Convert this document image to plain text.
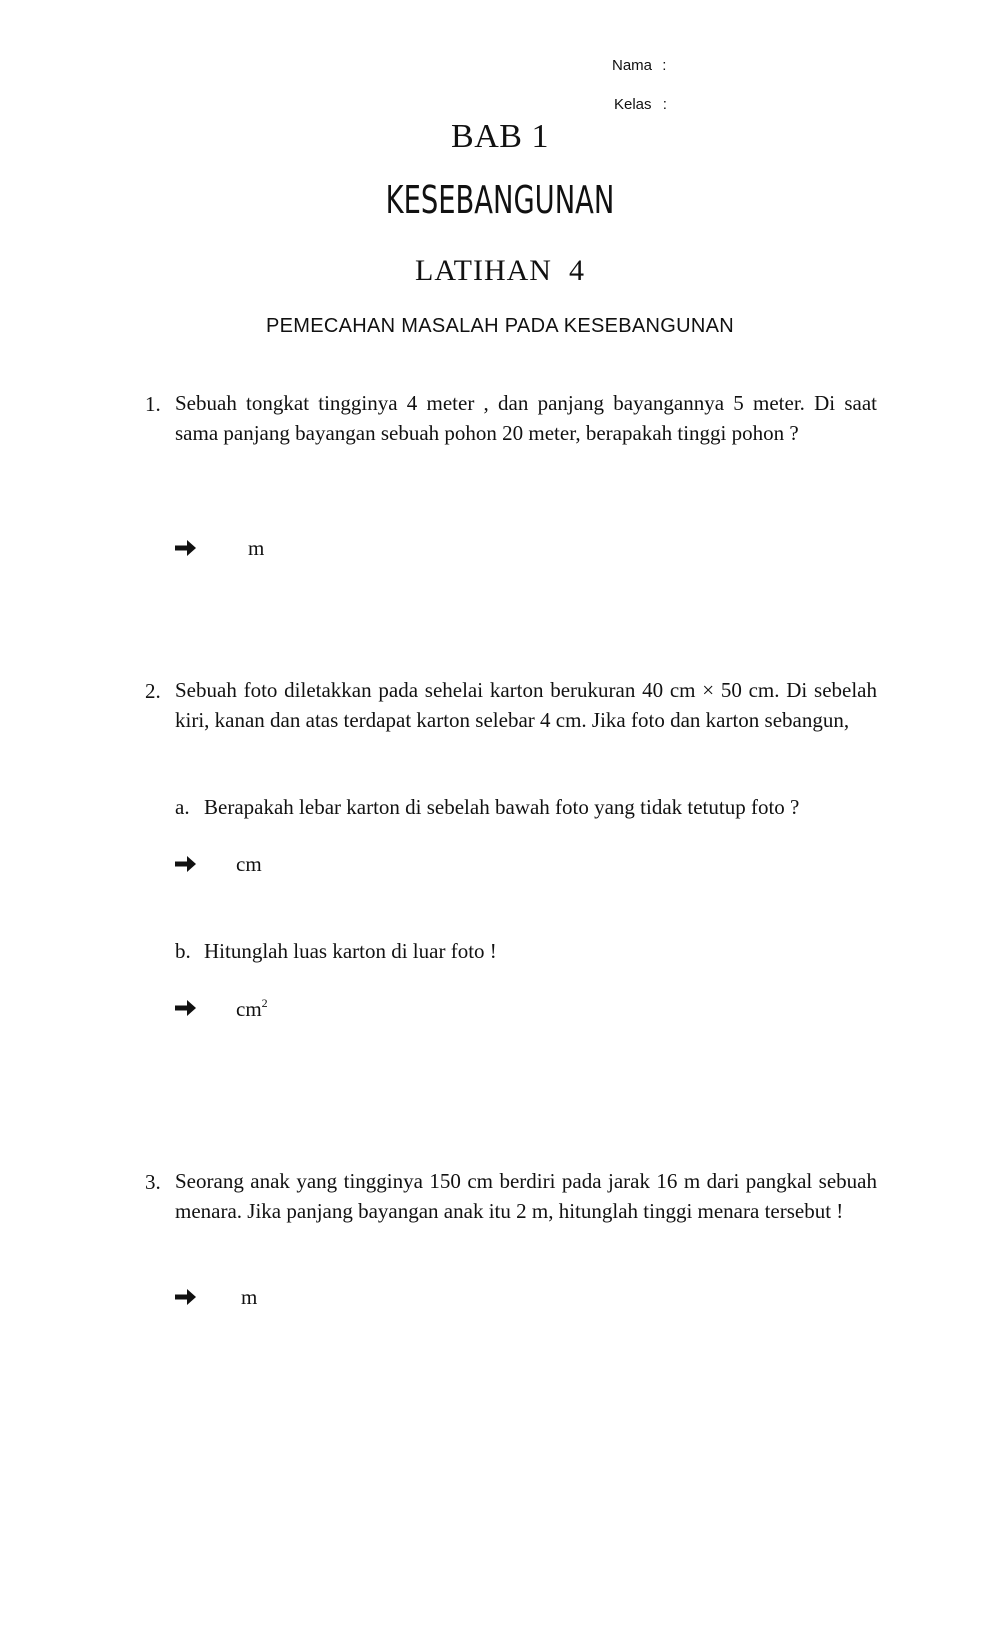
Nama :
Kelas :
BAB 1
KESEBANGUNAN
LATIHAN  4
PEMECAHAN MASALAH PADA KESEBANGUNAN
1. Sebuah tongkat tingginya 4 meter , dan panjang bayangannya 5 meter. Di saat sama panjang bayangan sebuah pohon 20 meter, berapakah tinggi pohon ?
m
2. Sebuah foto diletakkan pada sehelai karton berukuran 40 cm × 50 cm. Di sebelah kiri, kanan dan atas terdapat karton selebar 4 cm. Jika foto dan karton sebangun,
a. Berapakah lebar karton di sebelah bawah foto yang tidak tetutup foto ?
cm
b. Hitunglah luas karton di luar foto !
$cm^2$
3. Seorang anak yang tingginya 150 cm berdiri pada jarak 16 m dari pangkal sebuah menara. Jika panjang bayangan anak itu 2 m, hitunglah tinggi menara tersebut !
m
